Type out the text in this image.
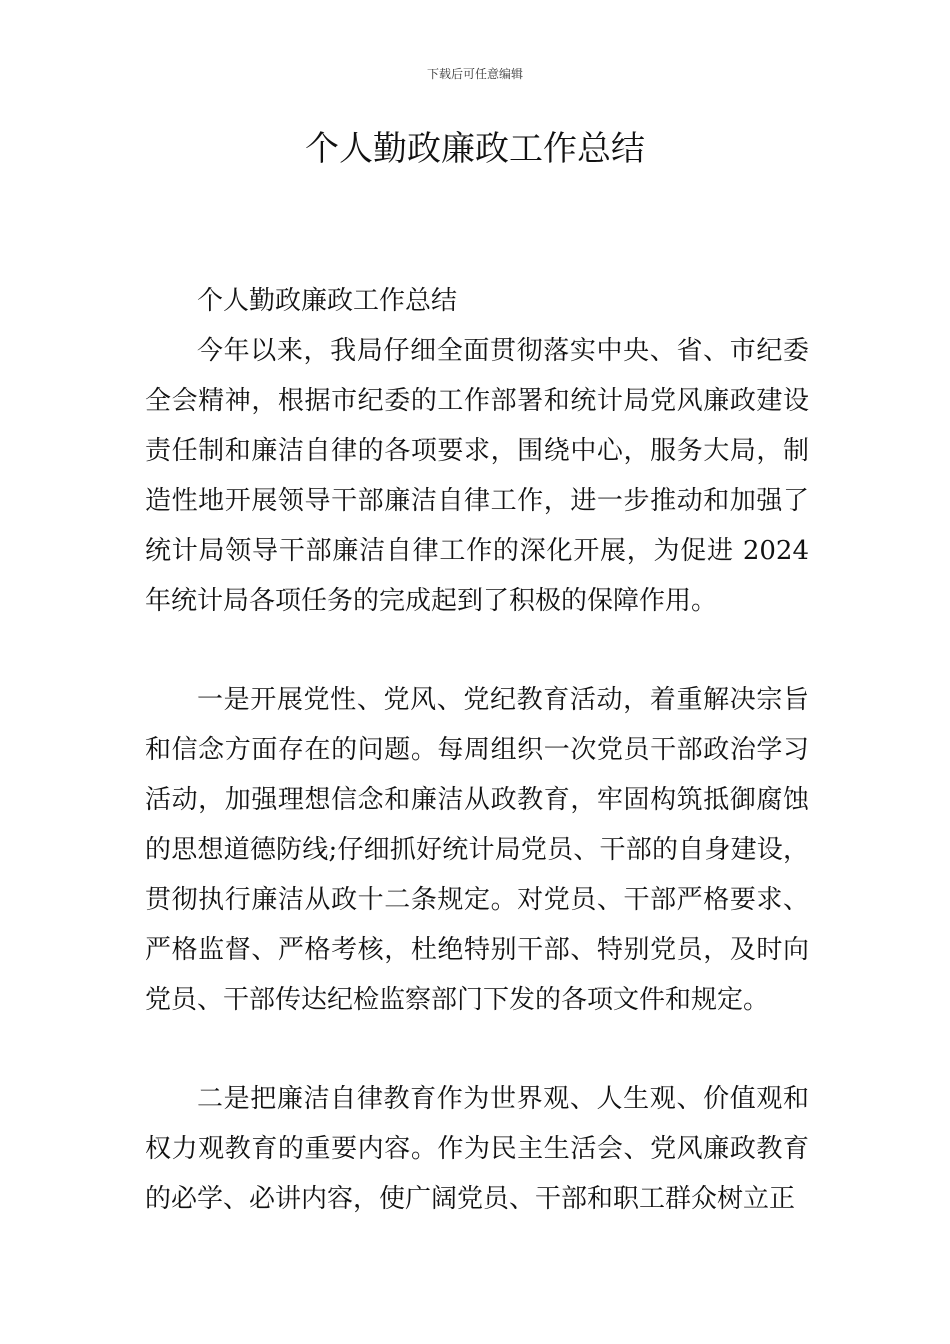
下载后可任意编辑
个人勤政廉政工作总结

个人勤政廉政工作总结

今年以来，我局仔细全面贯彻落实中央、省、市纪委全会精神，根据市纪委的工作部署和统计局党风廉政建设责任制和廉洁自律的各项要求，围绕中心，服务大局，制造性地开展领导干部廉洁自律工作，进一步推动和加强了统计局领导干部廉洁自律工作的深化开展，为促进 2024 年统计局各项任务的完成起到了积极的保障作用。

一是开展党性、党风、党纪教育活动，着重解决宗旨和信念方面存在的问题。每周组织一次党员干部政治学习活动，加强理想信念和廉洁从政教育，牢固构筑抵御腐蚀的思想道德防线;仔细抓好统计局党员、干部的自身建设，贯彻执行廉洁从政十二条规定。对党员、干部严格要求、严格监督、严格考核，杜绝特别干部、特别党员，及时向党员、干部传达纪检监察部门下发的各项文件和规定。

二是把廉洁自律教育作为世界观、人生观、价值观和权力观教育的重要内容。作为民主生活会、党风廉政教育的必学、必讲内容，使广阔党员、干部和职工群众树立正
